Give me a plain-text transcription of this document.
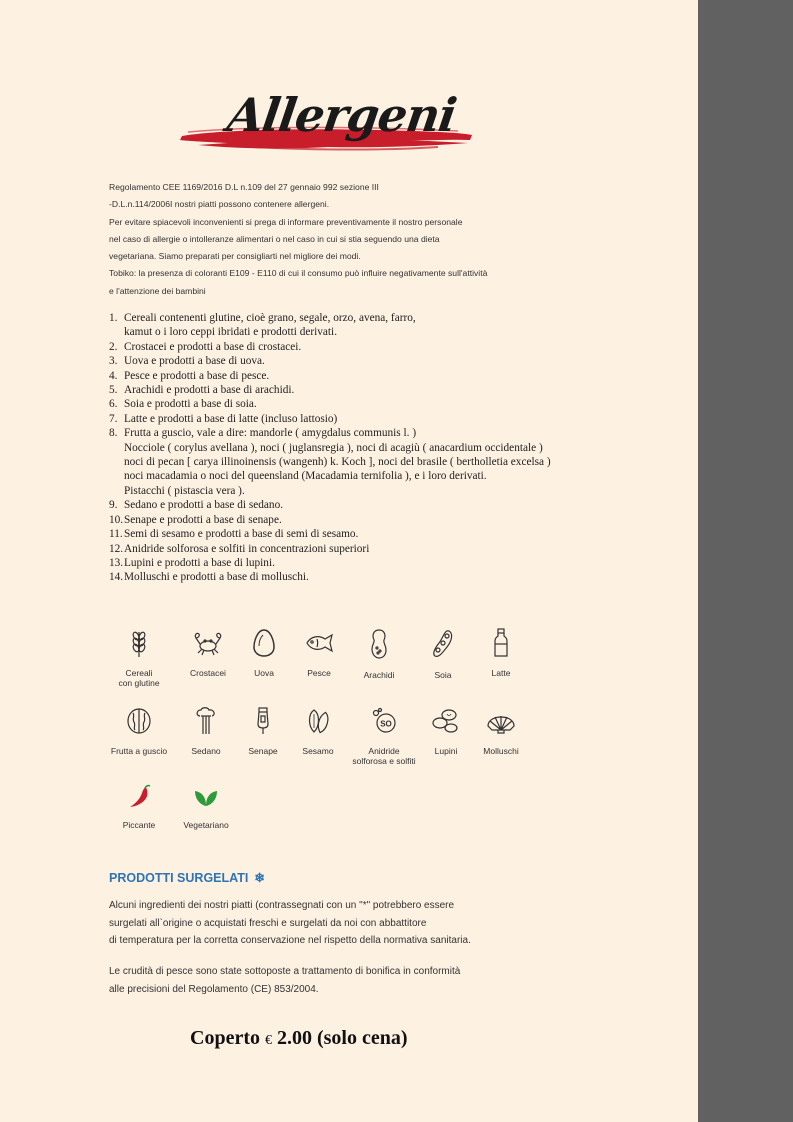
Allergeni

Regolamento CEE 1169/2016 D.L n.109 del 27 gennaio 992 sezione III

-D.L.n.114/2006I nostri piatti possono contenere allergeni.

Per evitare spiacevoli inconvenienti si prega di informare preventivamente il nostro personale

nel caso di allergie o intolleranze alimentari o nel caso in cui si stia seguendo una dieta

vegetariana. Siamo preparati per consigliarti nel migliore dei modi.

Tobiko: la presenza di coloranti E109 - E110 di cui il consumo può influire negativamente sull'attività

e l'attenzione dei bambini

1. Cereali contenenti glutine, cioè grano, segale, orzo, avena, farro,
kamut o i loro ceppi ibridati e prodotti derivati.
2. Crostacei e prodotti a base di crostacei.
3. Uova e prodotti a base di uova.
4. Pesce e prodotti a base di pesce.
5. Arachidi e prodotti a base di arachidi.
6. Soia e prodotti a base di soia.
7. Latte e prodotti a base di latte (incluso lattosio)
8. Frutta a guscio, vale a dire: mandorle ( amygdalus communis l. )
Nocciole ( corylus avellana ), noci ( juglansregia ), noci di acagiù ( anacardium occidentale )
noci di pecan [ carya illinoinensis (wangenh) k. Koch ], noci del brasile ( bertholletia excelsa )
noci macadamia o noci del queensland (Macadamia ternifolia ), e i loro derivati.
Pistacchi ( pistascia vera ).
9. Sedano e prodotti a base di sedano.
10. Senape e prodotti a base di senape.
11. Semi di sesamo e prodotti a base di semi di sesamo.
12. Anidride solforosa e solfiti in concentrazioni superiori
13. Lupini e prodotti a base di lupini.
14. Molluschi e prodotti a base di molluschi.
Cereali
con glutine
Crostacei	Uova	Pesce	Arachidi	Soia	Latte
Frutta a guscio	Sedano	Senape	Sesamo
SO
Anidride
solforosa e solfiti
Lupini	Molluschi
Piccante	Vegetariano
PRODOTTI SURGELATI ❄

Alcuni ingredienti dei nostri piatti (contrassegnati con un "*" potrebbero essere

surgelati all`origine o acquistati freschi e surgelati da noi con abbattitore

di temperatura per la corretta conservazione nel rispetto della normativa sanitaria.

Le crudità di pesce sono state sottoposte a trattamento di bonifica in conformità

alle precisioni del Regolamento (CE) 853/2004.

Coperto € 2.00 (solo cena)
